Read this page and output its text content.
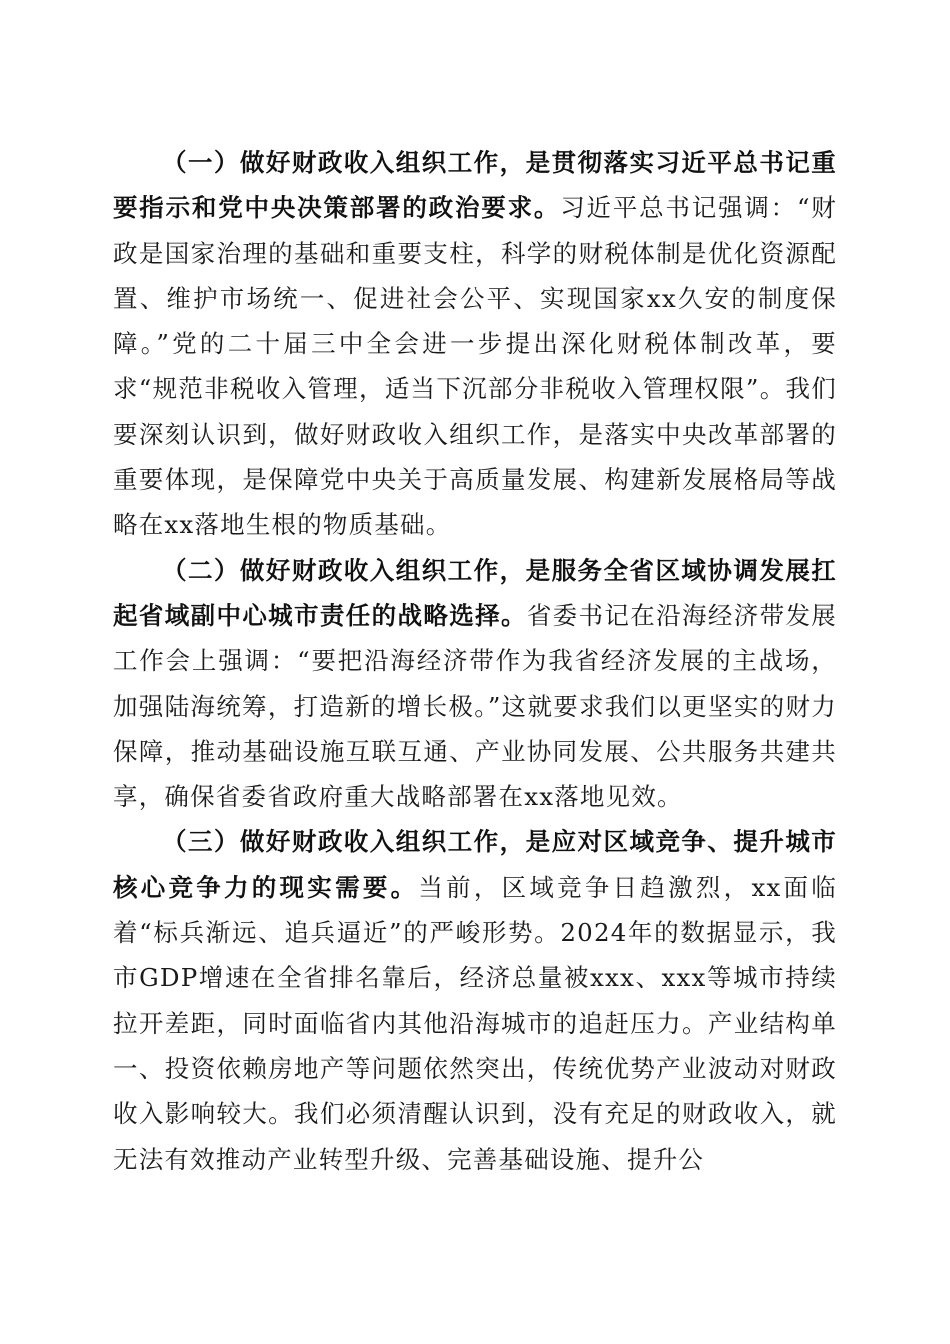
（一）做好财政收入组织工作，是贯彻落实习近平总书记重要指示和党中央决策部署的政治要求。习近平总书记强调：“财政是国家治理的基础和重要支柱，科学的财税体制是优化资源配置、维护市场统一、促进社会公平、实现国家xx久安的制度保障。”党的二十届三中全会进一步提出深化财税体制改革，要求“规范非税收入管理，适当下沉部分非税收入管理权限”。我们要深刻认识到，做好财政收入组织工作，是落实中央改革部署的重要体现，是保障党中央关于高质量发展、构建新发展格局等战略在xx落地生根的物质基础。

（二）做好财政收入组织工作，是服务全省区域协调发展扛起省域副中心城市责任的战略选择。省委书记在沿海经济带发展工作会上强调：“要把沿海经济带作为我省经济发展的主战场，加强陆海统筹，打造新的增长极。”这就要求我们以更坚实的财力保障，推动基础设施互联互通、产业协同发展、公共服务共建共享，确保省委省政府重大战略部署在xx落地见效。

（三）做好财政收入组织工作，是应对区域竞争、提升城市核心竞争力的现实需要。当前，区域竞争日趋激烈，xx面临着“标兵渐远、追兵逼近”的严峻形势。2024年的数据显示，我市GDP增速在全省排名靠后，经济总量被xxx、xxx等城市持续拉开差距，同时面临省内其他沿海城市的追赶压力。产业结构单一、投资依赖房地产等问题依然突出，传统优势产业波动对财政收入影响较大。我们必须清醒认识到，没有充足的财政收入，就无法有效推动产业转型升级、完善基础设施、提升公
